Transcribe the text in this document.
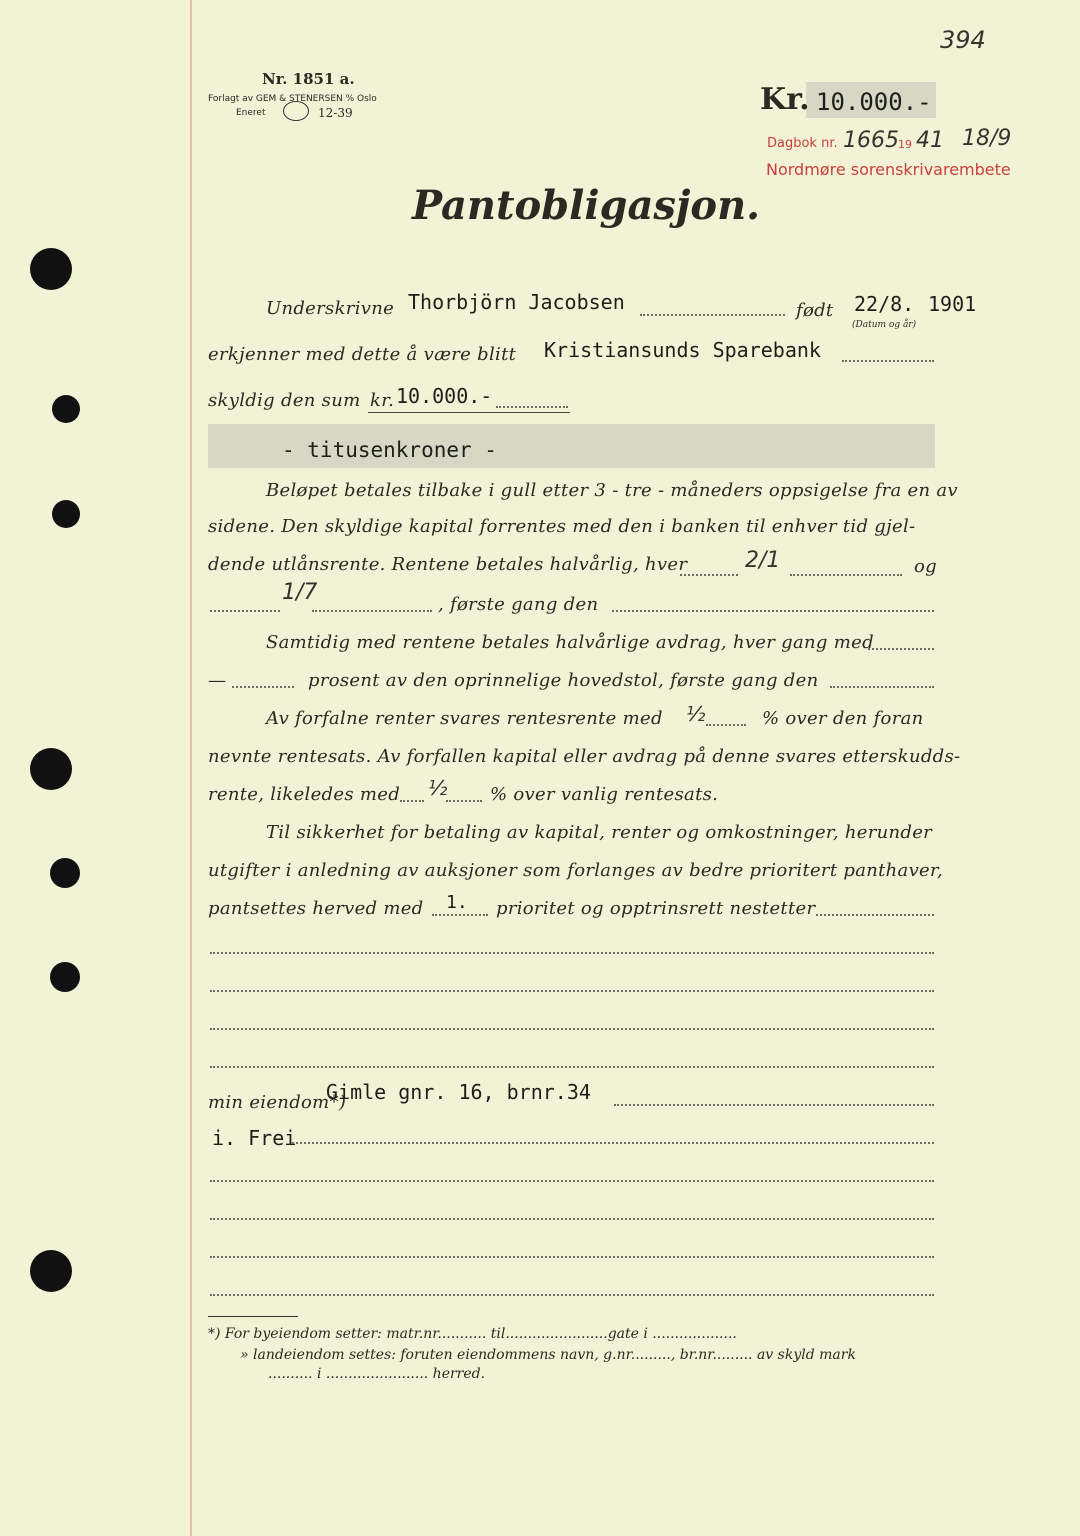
394
Nr. 1851 a.
Forlagt av GEM & STENERSEN % Oslo
Eneret	12-39	Kr. 10.000.-
Dagbok nr. 1665 19 41 18/9
Nordmøre sorenskrivarembete
Pantobligasjon.
Underskrivne Thorbjörn Jacobsen	født 22/8. 1901
(Datum og år)
erkjenner med dette å være blitt Kristiansunds Sparebank
skyldig den sum kr. 10.000.-
- titusenkroner -
Beløpet betales tilbake i gull etter 3 - tre - måneders oppsigelse fra en av
sidene. Den skyldige kapital forrentes med den i banken til enhver tid gjel-
dende utlånsrente. Rentene betales halvårlig, hver	2/1	og
1/7	, første gang den
Samtidig med rentene betales halvårlige avdrag, hver gang med
—	prosent av den oprinnelige hovedstol, første gang den
Av forfalne renter svares rentesrente med ½	% over den foran
nevnte rentesats. Av forfallen kapital eller avdrag på denne svares etterskudds-
rente, likeledes med ½ % over vanlig rentesats.
Til sikkerhet for betaling av kapital, renter og omkostninger, herunder
utgifter i anledning av auksjoner som forlanges av bedre prioritert panthaver,
pantsettes herved med 1. prioritet og opptrinsrett nestetter
min eiendom*)
Gimle gnr. 16, brnr.34
i. Frei
*) For byeiendom setter: matr.nr........... til.......................gate i ...................
» landeiendom settes: foruten eiendommens navn, g.nr........., br.nr......... av skyld mark
.......... i ....................... herred.
